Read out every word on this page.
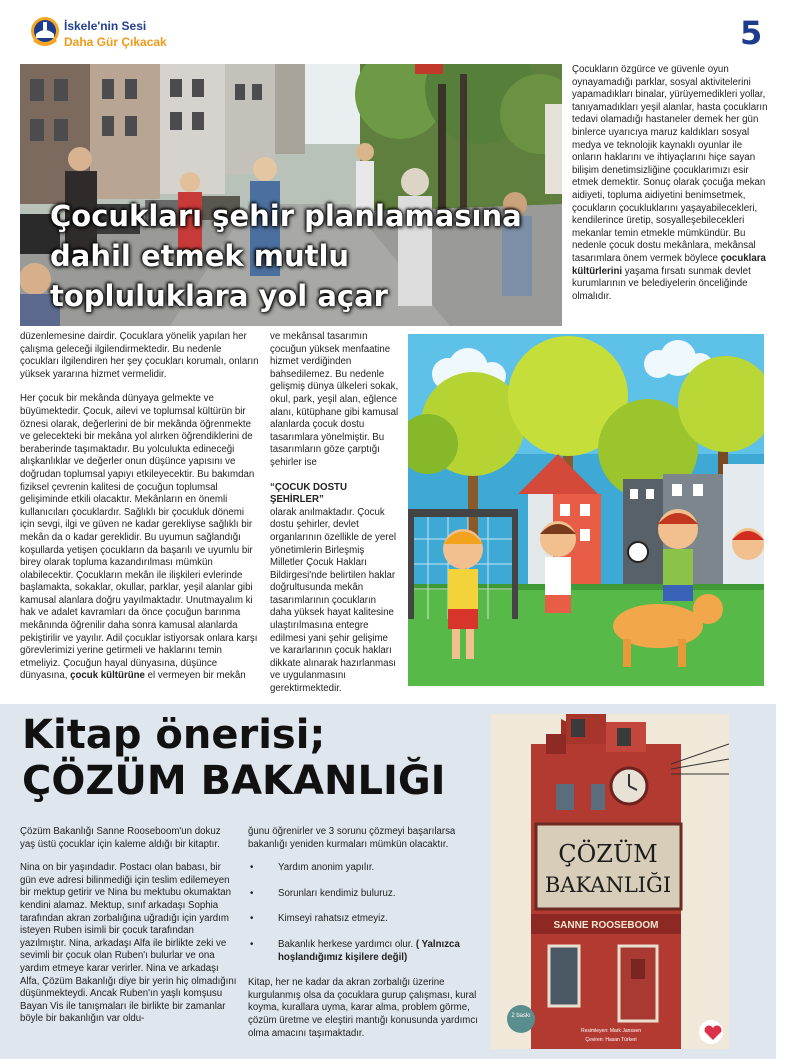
İskele'nin Sesi
Daha Gür Çıkacak	5
Çocukları şehir planlamasına
dahil etmek mutlu
topluluklara yol açar

Çocukların özgürce ve güvenle oyun oynayamadığı parklar, sosyal aktivitelerini yapamadıkları binalar, yürüyemedikleri yollar, tanıyamadıkları yeşil alanlar, hasta çocukların tedavi olamadığı hastaneler demek her gün binlerce uyarıcıya maruz kaldıkları sosyal medya ve teknolojik kaynaklı oyunlar ile onların haklarını ve ihtiyaçlarını hiçe sayan bilişim denetimsizliğine çocuklarımızı esir etmek demektir. Sonuç olarak çocuğa mekan aidiyeti, topluma aidiyetini benimsetmek, çocukların çocukluklarını yaşayabilecekleri, kendilerince üretip, sosyalleşebilecekleri mekanlar temin etmekle mümkündür. Bu nedenle çocuk dostu mekânlara, mekânsal tasarımlara önem vermek böylece çocuklara kültürlerini yaşama fırsatı sunmak devlet kurumlarının ve belediyelerin önceliğinde olmalıdır.

düzenlemesine dairdir. Çocuklara yönelik yapılan her çalışma geleceği ilgilendirmektedir. Bu nedenle çocukları ilgilendiren her şey çocukları korumalı, onların yüksek yararına hizmet vermelidir.

Her çocuk bir mekânda dünyaya gelmekte ve büyümektedir. Çocuk, ailevi ve toplumsal kültürün bir öznesi olarak, değerlerini de bir mekânda öğrenmekte ve gelecekteki bir mekâna yol alırken öğrendiklerini de beraberinde taşımaktadır. Bu yolculukta edineceği alışkanlıklar ve değerler onun düşünce yapısını ve doğrudan toplumsal yapıyı etkileyecektir. Bu bakımdan fiziksel çevrenin kalitesi de çocuğun toplumsal gelişiminde etkili olacaktır. Mekânların en önemli kullanıcıları çocuklardır. Sağlıklı bir çocukluk dönemi için sevgi, ilgi ve güven ne kadar gerekliyse sağlıklı bir mekân da o kadar gereklidir. Bu uyumun sağlandığı koşullarda yetişen çocukların da başarılı ve uyumlu bir birey olarak topluma kazandırılması mümkün olabilecektir. Çocukların mekân ile ilişkileri evlerinde başlamakta, sokaklar, okullar, parklar, yeşil alanlar gibi kamusal alanlara doğru yayılmaktadır. Unutmayalım ki hak ve adalet kavramları da önce çocuğun barınma mekânında öğrenilir daha sonra kamusal alanlarda pekiştirilir ve yayılır. Adil çocuklar istiyorsak onlara karşı görevlerimizi yerine getirmeli ve haklarını temin etmeliyiz. Çocuğun hayal dünyasına, düşünce dünyasına, çocuk kültürüne el vermeyen bir mekân

ve mekânsal tasarımın çocuğun yüksek menfaatine hizmet verdiğinden bahsedilemez. Bu nedenle gelişmiş dünya ülkeleri sokak, okul, park, yeşil alan, eğlence alanı, kütüphane gibi kamusal alanlarda çocuk dostu tasarımlara yönelmiştir. Bu tasarımların göze çarptığı şehirler ise

“ÇOCUK DOSTU ŞEHİRLER”

olarak anılmaktadır. Çocuk dostu şehirler, devlet organlarının özellikle de yerel yönetimlerin Birleşmiş Milletler Çocuk Hakları Bildirgesi'nde belirtilen haklar doğrultusunda mekân tasarımlarının çocukların daha yüksek hayat kalitesine ulaştırılmasına entegre edilmesi yani şehir gelişime ve kararlarının çocuk hakları dikkate alınarak hazırlanması ve uygulanmasını gerektirmektedir.

Kitap önerisi;
ÇÖZÜM BAKANLIĞI

Çözüm Bakanlığı Sanne Rooseboom'un dokuz yaş üstü çocuklar için kaleme aldığı bir kitaptır.

Nina on bir yaşındadır. Postacı olan babası, bir gün eve adresi bilinmediği için teslim edilemeyen bir mektup getirir ve Nina bu mektubu okumaktan kendini alamaz. Mektup, sınıf arkadaşı Sophia tarafından akran zorbalığına uğradığı için yardım isteyen Ruben isimli bir çocuk tarafından yazılmıştır. Nina, arkadaşı Alfa ile birlikte zeki ve sevimli bir çocuk olan Ruben'ı bulurlar ve ona yardım etmeye karar verirler. Nina ve arkadaşı Alfa, Çözüm Bakanlığı diye bir yerin hiç olmadığını düşünmekteydi. Ancak Ruben'ın yaşlı komşusu Bayan Vis ile tanışmaları ile birlikte bir zamanlar böyle bir bakanlığın var oldu-

ğunu öğrenirler ve 3 sorunu çözmeyi başarılarsa bakanlığı yeniden kurmaları mümkün olacaktır.

• Yardım anonim yapılır.
• Sorunları kendimiz buluruz.
• Kimseyi rahatsız etmeyiz.
• Bakanlık herkese yardımcı olur. ( Yalnızca hoşlandığımız kişilere değil)

Kitap, her ne kadar da akran zorbalığı üzerine kurgulanmış olsa da çocuklara gurup çalışması, kural koyma, kurallara uyma, karar alma, problem görme, çözüm üretme ve eleştiri mantığı konusunda yardımcı olma amacını taşımaktadır.

ÇÖZÜM
BAKANLIĞI
SANNE ROOSEBOOM
2 baskı
Resimleyen: Mark Janssen
Çeviren: Hasan Türkeri
